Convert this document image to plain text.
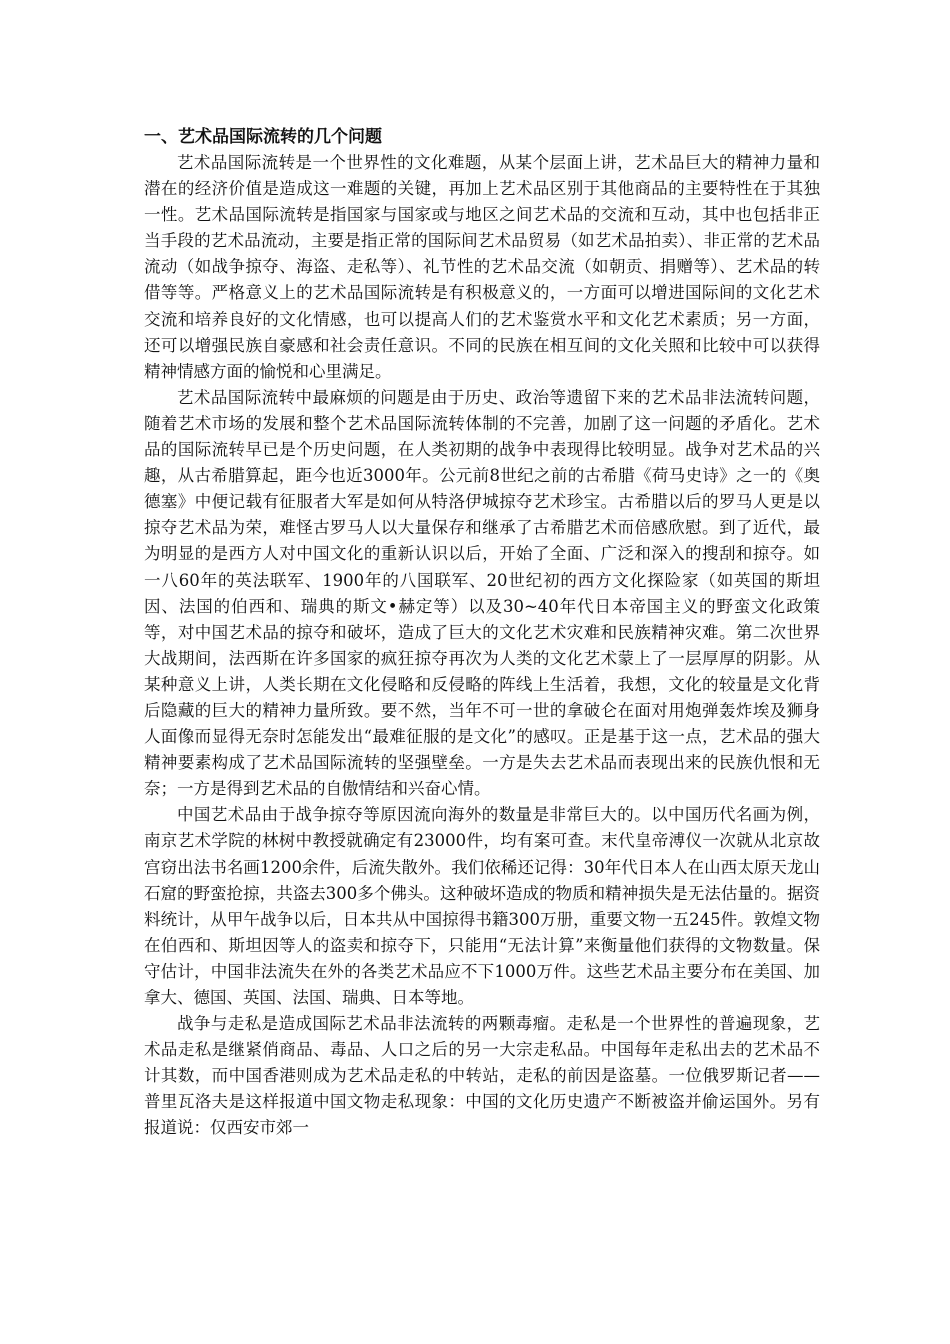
一、艺术品国际流转的几个问题

艺术品国际流转是一个世界性的文化难题，从某个层面上讲，艺术品巨大的精神力量和潜在的经济价值是造成这一难题的关键，再加上艺术品区别于其他商品的主要特性在于其独一性。艺术品国际流转是指国家与国家或与地区之间艺术品的交流和互动，其中也包括非正当手段的艺术品流动，主要是指正常的国际间艺术品贸易（如艺术品拍卖）、非正常的艺术品流动（如战争掠夺、海盗、走私等）、礼节性的艺术品交流（如朝贡、捐赠等）、艺术品的转借等等。严格意义上的艺术品国际流转是有积极意义的，一方面可以增进国际间的文化艺术交流和培养良好的文化情感，也可以提高人们的艺术鉴赏水平和文化艺术素质；另一方面，还可以增强民族自豪感和社会责任意识。不同的民族在相互间的文化关照和比较中可以获得精神情感方面的愉悦和心里满足。

艺术品国际流转中最麻烦的问题是由于历史、政治等遗留下来的艺术品非法流转问题，随着艺术市场的发展和整个艺术品国际流转体制的不完善，加剧了这一问题的矛盾化。艺术品的国际流转早已是个历史问题，在人类初期的战争中表现得比较明显。战争对艺术品的兴趣，从古希腊算起，距今也近3000年。公元前8世纪之前的古希腊《荷马史诗》之一的《奥德塞》中便记载有征服者大军是如何从特洛伊城掠夺艺术珍宝。古希腊以后的罗马人更是以掠夺艺术品为荣，难怪古罗马人以大量保存和继承了古希腊艺术而倍感欣慰。到了近代，最为明显的是西方人对中国文化的重新认识以后，开始了全面、广泛和深入的搜刮和掠夺。如一八60年的英法联军、1900年的八国联军、20世纪初的西方文化探险家（如英国的斯坦因、法国的伯西和、瑞典的斯文•赫定等）以及30~40年代日本帝国主义的野蛮文化政策等，对中国艺术品的掠夺和破坏，造成了巨大的文化艺术灾难和民族精神灾难。第二次世界大战期间，法西斯在许多国家的疯狂掠夺再次为人类的文化艺术蒙上了一层厚厚的阴影。从某种意义上讲，人类长期在文化侵略和反侵略的阵线上生活着，我想，文化的较量是文化背后隐藏的巨大的精神力量所致。要不然，当年不可一世的拿破仑在面对用炮弹轰炸埃及狮身人面像而显得无奈时怎能发出“最难征服的是文化”的感叹。正是基于这一点，艺术品的强大精神要素构成了艺术品国际流转的坚强壁垒。一方是失去艺术品而表现出来的民族仇恨和无奈；一方是得到艺术品的自傲情结和兴奋心情。

中国艺术品由于战争掠夺等原因流向海外的数量是非常巨大的。以中国历代名画为例，南京艺术学院的林树中教授就确定有23000件，均有案可查。末代皇帝溥仪一次就从北京故宫窃出法书名画1200余件，后流失散外。我们依稀还记得：30年代日本人在山西太原天龙山石窟的野蛮抢掠，共盗去300多个佛头。这种破坏造成的物质和精神损失是无法估量的。据资料统计，从甲午战争以后，日本共从中国掠得书籍300万册，重要文物一五245件。敦煌文物在伯西和、斯坦因等人的盗卖和掠夺下，只能用“无法计算”来衡量他们获得的文物数量。保守估计，中国非法流失在外的各类艺术品应不下1000万件。这些艺术品主要分布在美国、加拿大、德国、英国、法国、瑞典、日本等地。

战争与走私是造成国际艺术品非法流转的两颗毒瘤。走私是一个世界性的普遍现象，艺术品走私是继紧俏商品、毒品、人口之后的另一大宗走私品。中国每年走私出去的艺术品不计其数，而中国香港则成为艺术品走私的中转站，走私的前因是盗墓。一位俄罗斯记者——普里瓦洛夫是这样报道中国文物走私现象：中国的文化历史遗产不断被盗并偷运国外。另有报道说：仅西安市郊一
